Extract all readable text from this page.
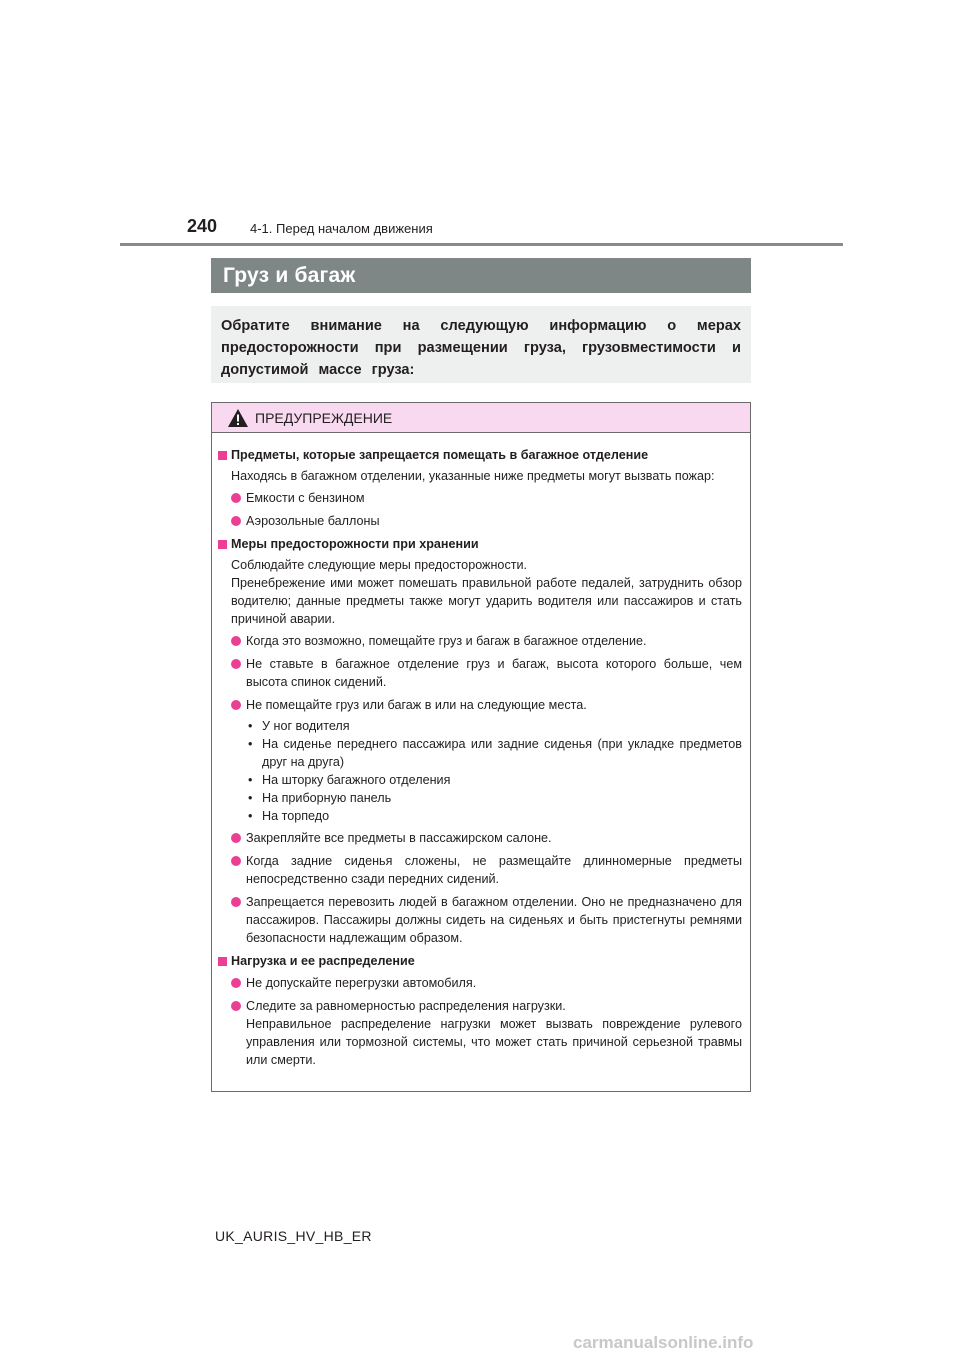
240	4-1. Перед началом движения
Груз и багаж
Обратите внимание на следующую информацию о мерах предосторожности при размещении груза, грузовместимости и допустимой массе груза:
ПРЕДУПРЕЖДЕНИЕ
Предметы, которые запрещается помещать в багажное отделение
Находясь в багажном отделении, указанные ниже предметы могут вызвать пожар:
Емкости с бензином
Аэрозольные баллоны
Меры предосторожности при хранении
Соблюдайте следующие меры предосторожности.
Пренебрежение ими может помешать правильной работе педалей, затруднить обзор водителю; данные предметы также могут ударить водителя или пассажиров и стать причиной аварии.
Когда это возможно, помещайте груз и багаж в багажное отделение.
Не ставьте в багажное отделение груз и багаж, высота которого больше, чем высота спинок сидений.
Не помещайте груз или багаж в или на следующие места.
• У ног водителя
• На сиденье переднего пассажира или задние сиденья (при укладке предметов друг на друга)
• На шторку багажного отделения
• На приборную панель
• На торпедо
Закрепляйте все предметы в пассажирском салоне.
Когда задние сиденья сложены, не размещайте длинномерные предметы непосредственно сзади передних сидений.
Запрещается перевозить людей в багажном отделении. Оно не предназначено для пассажиров. Пассажиры должны сидеть на сиденьях и быть пристегнуты ремнями безопасности надлежащим образом.
Нагрузка и ее распределение
Не допускайте перегрузки автомобиля.
Следите за равномерностью распределения нагрузки.
Неправильное распределение нагрузки может вызвать повреждение рулевого управления или тормозной системы, что может стать причиной серьезной травмы или смерти.
UK_AURIS_HV_HB_ER
carmanualsonline.info
